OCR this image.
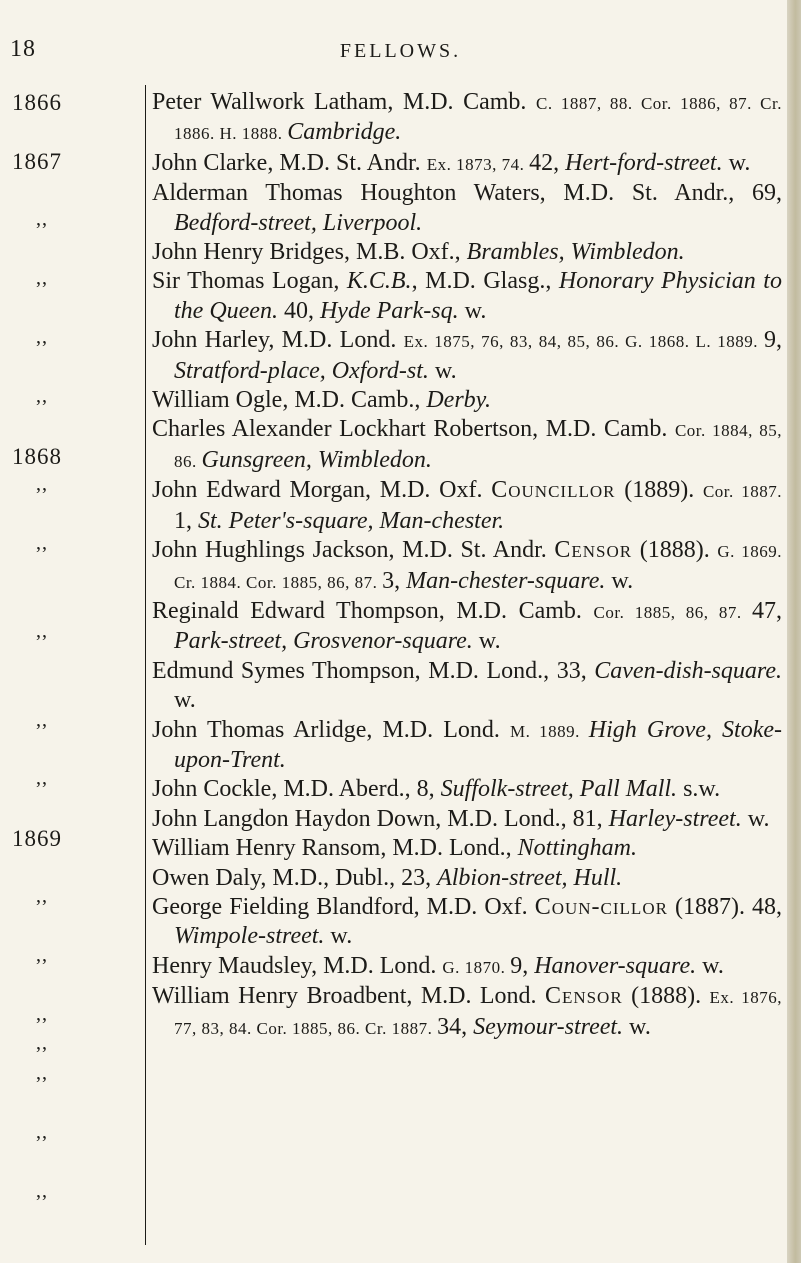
18	FELLOWS.
1866
1867
,,
,,
,,
,,
1868
,,
,,
,,
,,
,,
1869
,,
,,
,,
,,
,,
,,
,,

Peter Wallwork Latham, M.D. Camb. C. 1887, 88. Cor. 1886, 87. Cr. 1886. H. 1888. Cambridge.

John Clarke, M.D. St. Andr. Ex. 1873, 74. 42, Hert-ford-street. w.

Alderman Thomas Houghton Waters, M.D. St. Andr., 69, Bedford-street, Liverpool.

John Henry Bridges, M.B. Oxf., Brambles, Wimbledon.

Sir Thomas Logan, K.C.B., M.D. Glasg., Honorary Physician to the Queen. 40, Hyde Park-sq. w.

John Harley, M.D. Lond. Ex. 1875, 76, 83, 84, 85, 86. G. 1868. L. 1889. 9, Stratford-place, Oxford-st. w.

William Ogle, M.D. Camb., Derby.

Charles Alexander Lockhart Robertson, M.D. Camb. Cor. 1884, 85, 86. Gunsgreen, Wimbledon.

John Edward Morgan, M.D. Oxf. Councillor (1889). Cor. 1887. 1, St. Peter's-square, Man-chester.

John Hughlings Jackson, M.D. St. Andr. Censor (1888). G. 1869. Cr. 1884. Cor. 1885, 86, 87. 3, Man-chester-square. w.

Reginald Edward Thompson, M.D. Camb. Cor. 1885, 86, 87. 47, Park-street, Grosvenor-square. w.

Edmund Symes Thompson, M.D. Lond., 33, Caven-dish-square. w.

John Thomas Arlidge, M.D. Lond. M. 1889. High Grove, Stoke-upon-Trent.

John Cockle, M.D. Aberd., 8, Suffolk-street, Pall Mall. s.w.

John Langdon Haydon Down, M.D. Lond., 81, Harley-street. w.

William Henry Ransom, M.D. Lond., Nottingham.

Owen Daly, M.D., Dubl., 23, Albion-street, Hull.

George Fielding Blandford, M.D. Oxf. Coun-cillor (1887). 48, Wimpole-street. w.

Henry Maudsley, M.D. Lond. G. 1870. 9, Hanover-square. w.

William Henry Broadbent, M.D. Lond. Censor (1888). Ex. 1876, 77, 83, 84. Cor. 1885, 86. Cr. 1887. 34, Seymour-street. w.
